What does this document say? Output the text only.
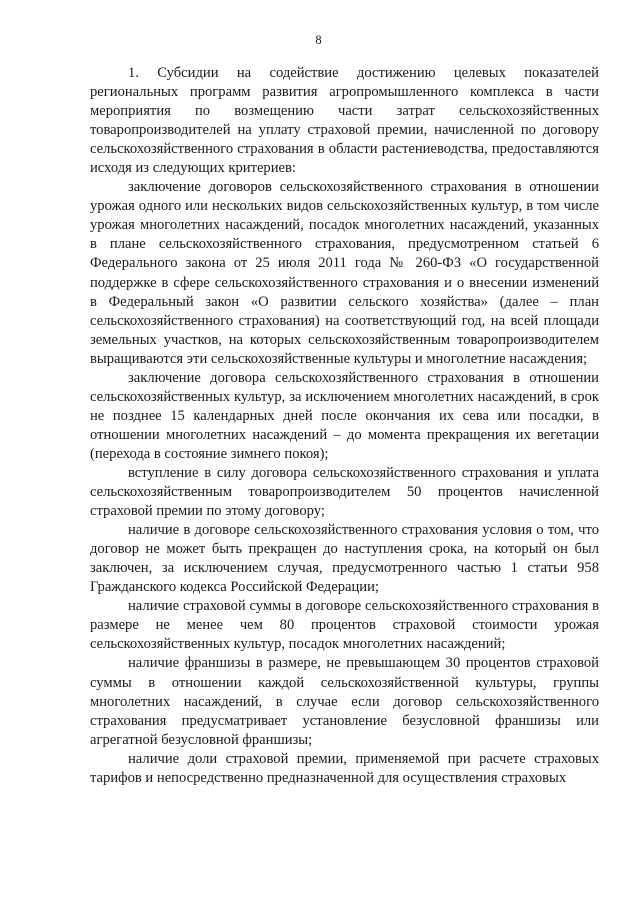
8

1. Субсидии на содействие достижению целевых показателей региональных программ развития агропромышленного комплекса в части мероприятия по возмещению части затрат сельскохозяйственных товаропроизводителей на уплату страховой премии, начисленной по договору сельскохозяйственного страхования в области растениеводства, предоставляются исходя из следующих критериев:

заключение договоров сельскохозяйственного страхования в отношении урожая одного или нескольких видов сельскохозяйственных культур, в том числе урожая многолетних насаждений, посадок многолетних насаждений, указанных в плане сельскохозяйственного страхования, предусмотренном статьей 6 Федерального закона от 25 июля 2011 года № 260-ФЗ «О государственной поддержке в сфере сельскохозяйственного страхования и о внесении изменений в Федеральный закон «О развитии сельского хозяйства» (далее – план сельскохозяйственного страхования) на соответствующий год, на всей площади земельных участков, на которых сельскохозяйственным товаропроизводителем выращиваются эти сельскохозяйственные культуры и многолетние насаждения;

заключение договора сельскохозяйственного страхования в отношении сельскохозяйственных культур, за исключением многолетних насаждений, в срок не позднее 15 календарных дней после окончания их сева или посадки, в отношении многолетних насаждений – до момента прекращения их вегетации (перехода в состояние зимнего покоя);

вступление в силу договора сельскохозяйственного страхования и уплата сельскохозяйственным товаропроизводителем 50 процентов начисленной страховой премии по этому договору;

наличие в договоре сельскохозяйственного страхования условия о том, что договор не может быть прекращен до наступления срока, на который он был заключен, за исключением случая, предусмотренного частью 1 статьи 958 Гражданского кодекса Российской Федерации;

наличие страховой суммы в договоре сельскохозяйственного страхования в размере не менее чем 80 процентов страховой стоимости урожая сельскохозяйственных культур, посадок многолетних насаждений;

наличие франшизы в размере, не превышающем 30 процентов страховой суммы в отношении каждой сельскохозяйственной культуры, группы многолетних насаждений, в случае если договор сельскохозяйственного страхования предусматривает установление безусловной франшизы или агрегатной безусловной франшизы;

наличие доли страховой премии, применяемой при расчете страховых тарифов и непосредственно предназначенной для осуществления страховых
